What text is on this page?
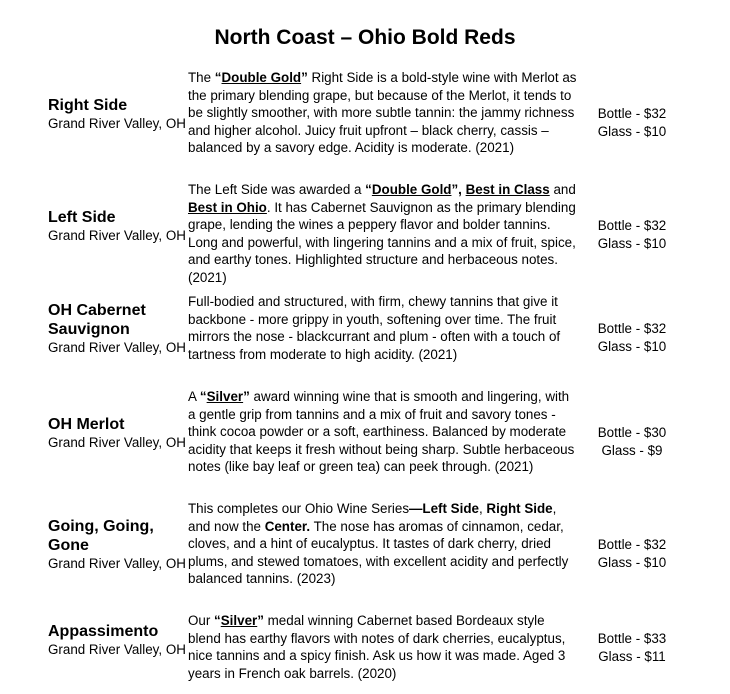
North Coast – Ohio Bold Reds
Right Side
Grand River Valley, OH
The “Double Gold” Right Side is a bold-style wine with Merlot as the primary blending grape, but because of the Merlot, it tends to be slightly smoother, with more subtle tannin: the jammy richness and higher alcohol. Juicy fruit upfront – black cherry, cassis – balanced by a savory edge. Acidity is moderate. (2021)
Bottle - $32
Glass - $10
Left Side
Grand River Valley, OH
The Left Side was awarded a “Double Gold”, Best in Class and Best in Ohio. It has Cabernet Sauvignon as the primary blending grape, lending the wines a peppery flavor and bolder tannins. Long and powerful, with lingering tannins and a mix of fruit, spice, and earthy tones. Highlighted structure and herbaceous notes. (2021)
Bottle - $32
Glass - $10
OH Cabernet Sauvignon
Grand River Valley, OH
Full-bodied and structured, with firm, chewy tannins that give it backbone - more grippy in youth, softening over time. The fruit mirrors the nose - blackcurrant and plum - often with a touch of tartness from moderate to high acidity. (2021)
Bottle - $32
Glass - $10
OH Merlot
Grand River Valley, OH
A “Silver” award winning wine that is smooth and lingering, with a gentle grip from tannins and a mix of fruit and savory tones - think cocoa powder or a soft, earthiness. Balanced by moderate acidity that keeps it fresh without being sharp. Subtle herbaceous notes (like bay leaf or green tea) can peek through. (2021)
Bottle - $30
Glass - $9
Going, Going, Gone
Grand River Valley, OH
This completes our Ohio Wine Series—Left Side, Right Side, and now the Center. The nose has aromas of cinnamon, cedar, cloves, and a hint of eucalyptus. It tastes of dark cherry, dried plums, and stewed tomatoes, with excellent acidity and perfectly balanced tannins. (2023)
Bottle - $32
Glass - $10
Appassimento
Grand River Valley, OH
Our “Silver” medal winning Cabernet based Bordeaux style blend has earthy flavors with notes of dark cherries, eucalyptus, nice tannins and a spicy finish. Ask us how it was made. Aged 3 years in French oak barrels. (2020)
Bottle - $33
Glass - $11
